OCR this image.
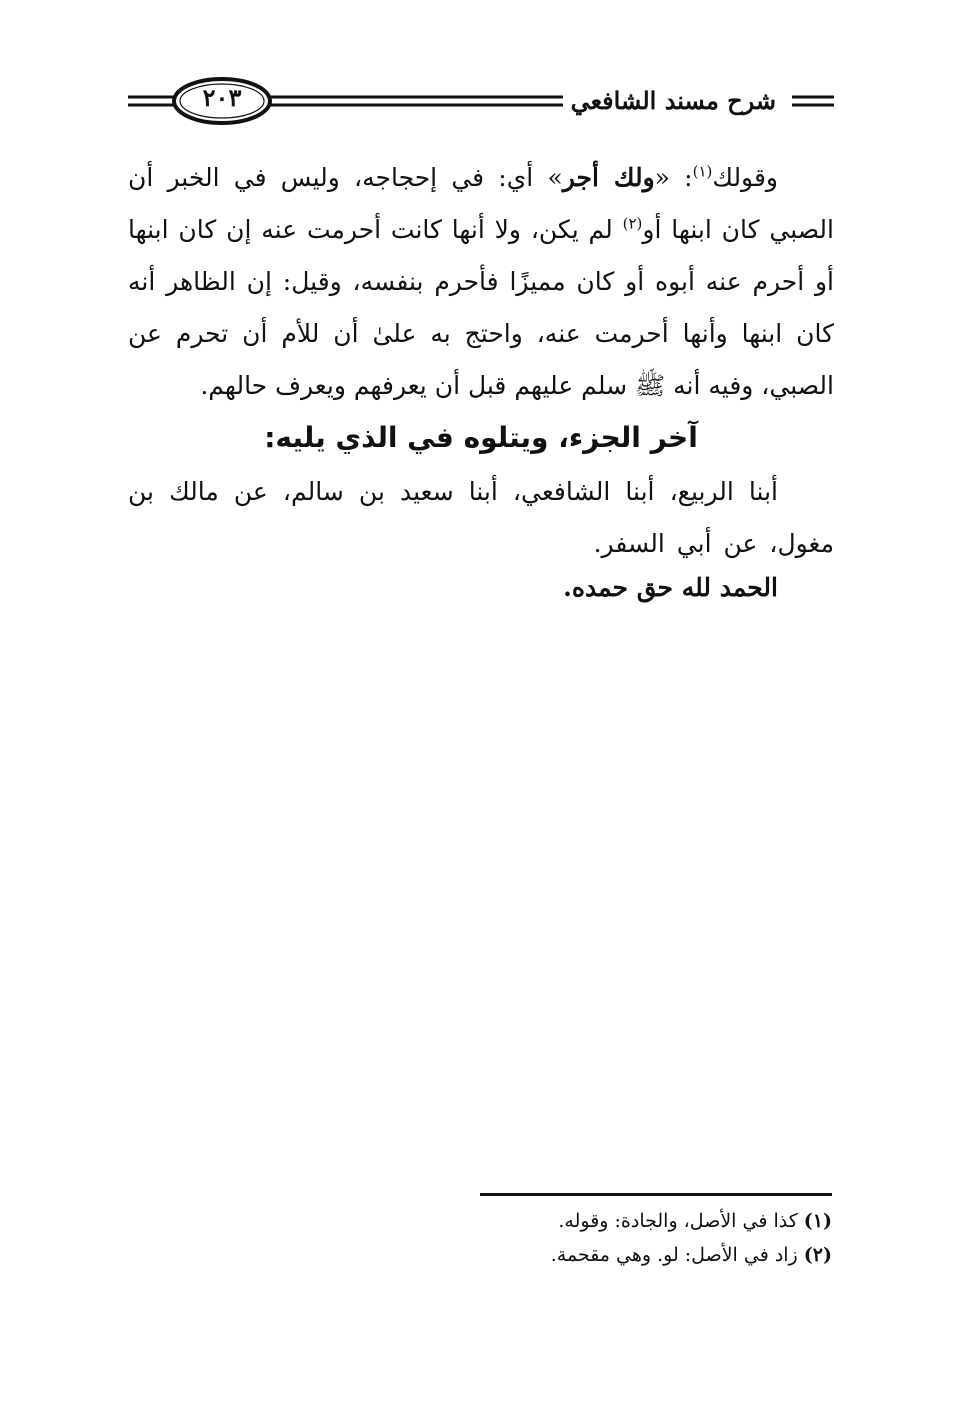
٢٠٣	شرح مسند الشافعي

وقولك$^{(١)}$: «ولك أجر» أي: في إحجاجه، وليس في الخبر أن الصبي كان ابنها أو$^{(٢)}$ لم يكن، ولا أنها كانت أحرمت عنه إن كان ابنها أو أحرم عنه أبوه أو كان مميزًا فأحرم بنفسه، وقيل: إن الظاهر أنه كان ابنها وأنها أحرمت عنه، واحتج به علىٰ أن للأم أن تحرم عن الصبي، وفيه أنه ﷺ سلم عليهم قبل أن يعرفهم ويعرف حالهم.

آخر الجزء، ويتلوه في الذي يليه:

أبنا الربيع، أبنا الشافعي، أبنا سعيد بن سالم، عن مالك بن مغول، عن أبي السفر.

الحمد لله حق حمده.
(١) كذا في الأصل، والجادة: وقوله.
(٢) زاد في الأصل: لو. وهي مقحمة.
